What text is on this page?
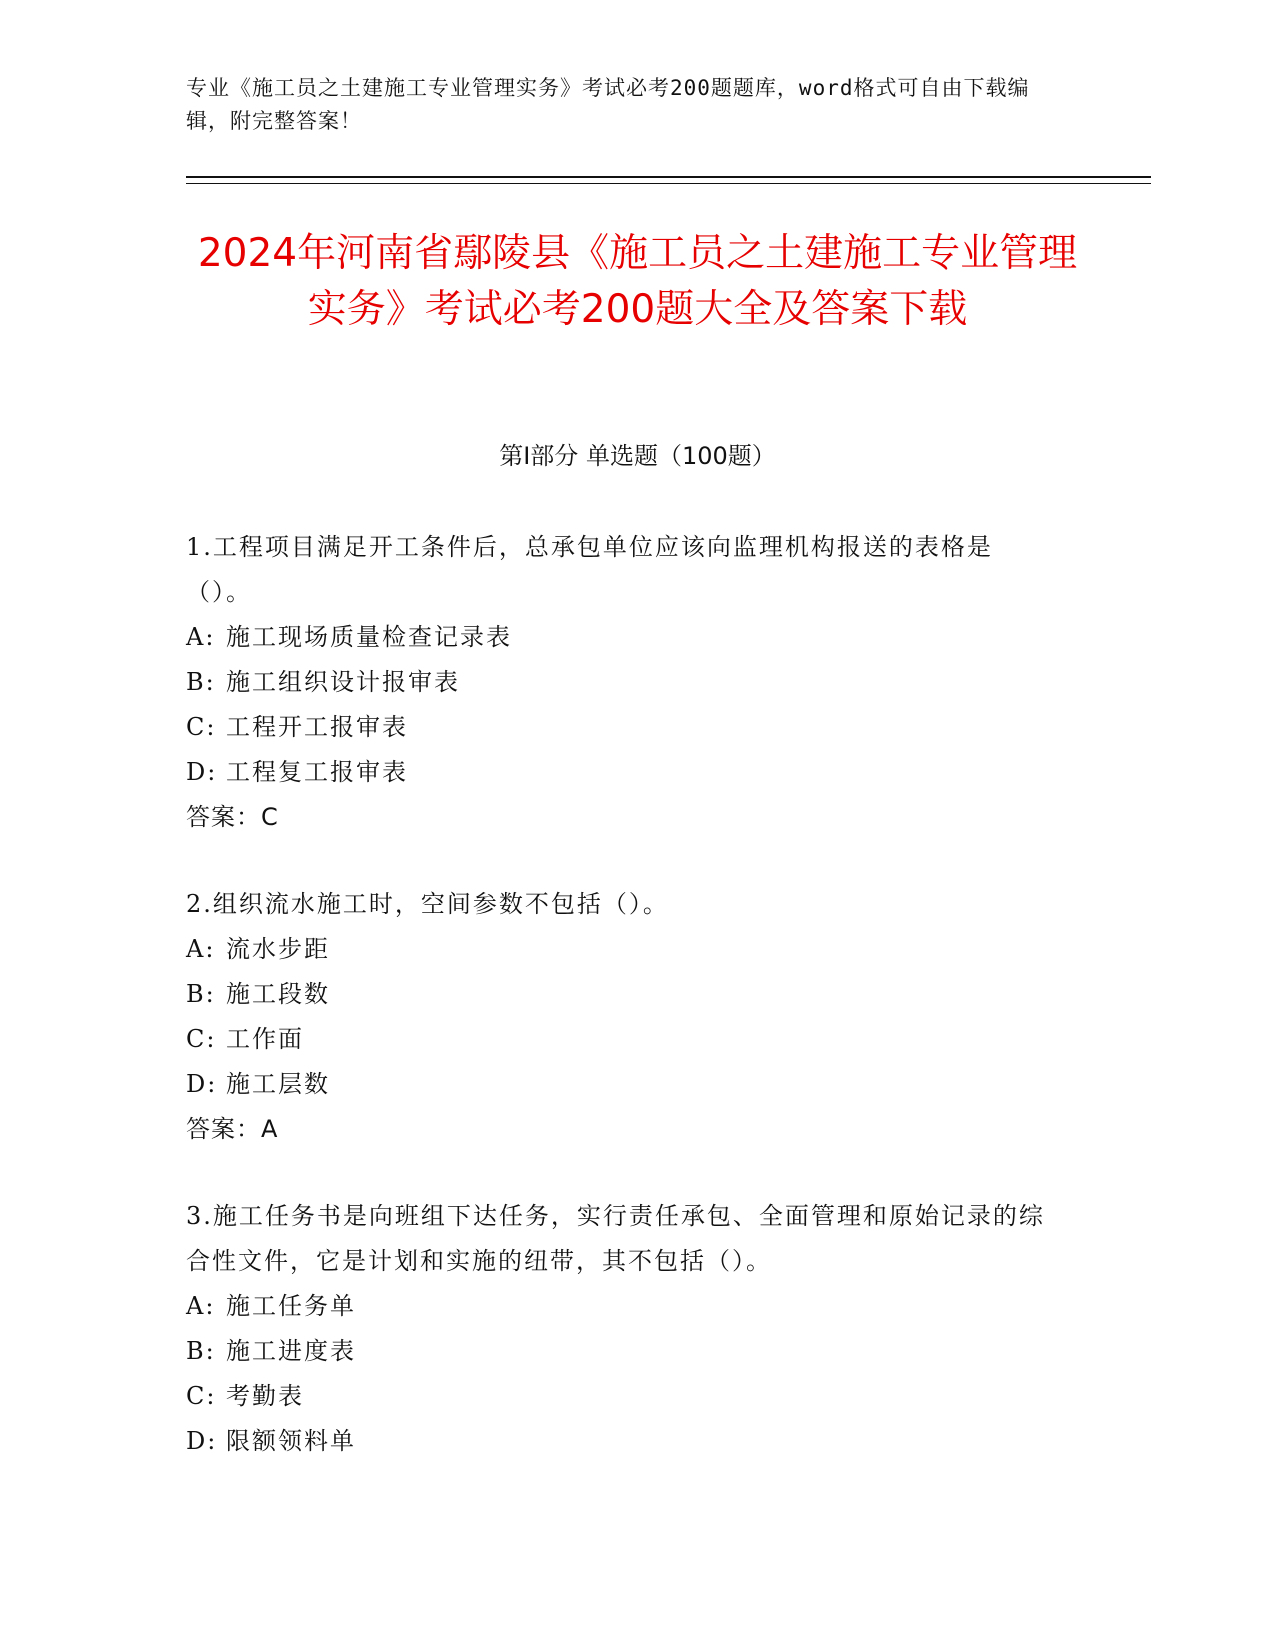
专业《施工员之土建施工专业管理实务》考试必考200题题库，word格式可自由下载编辑，附完整答案！
2024年河南省鄢陵县《施工员之土建施工专业管理实务》考试必考200题大全及答案下载
第I部分 单选题（100题）
1.工程项目满足开工条件后，总承包单位应该向监理机构报送的表格是（）。
A: 施工现场质量检查记录表
B: 施工组织设计报审表
C: 工程开工报审表
D: 工程复工报审表
答案：C
2.组织流水施工时，空间参数不包括（）。
A: 流水步距
B: 施工段数
C: 工作面
D: 施工层数
答案：A
3.施工任务书是向班组下达任务，实行责任承包、全面管理和原始记录的综合性文件，它是计划和实施的纽带，其不包括（）。
A: 施工任务单
B: 施工进度表
C: 考勤表
D: 限额领料单
